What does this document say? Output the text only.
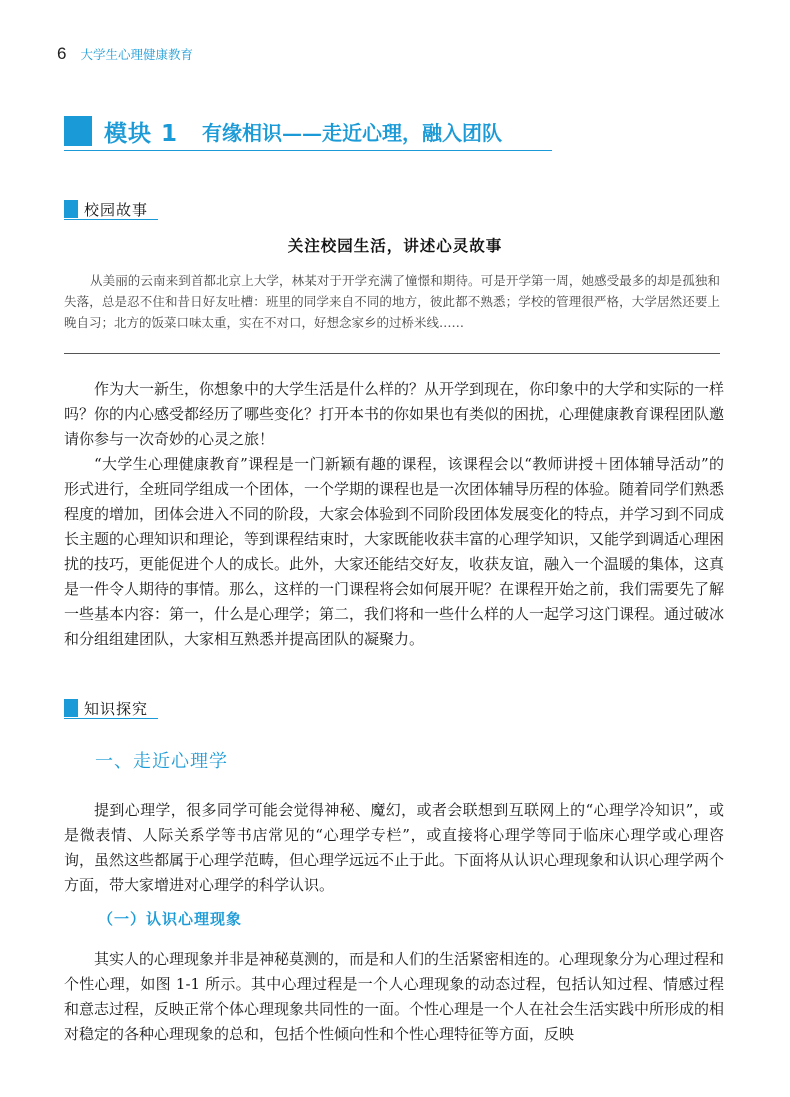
6 大学生心理健康教育
模块 1 有缘相识——走近心理，融入团队
校园故事
关注校园生活，讲述心灵故事

从美丽的云南来到首都北京上大学，林某对于开学充满了憧憬和期待。可是开学第一周，她感受最多的却是孤独和失落，总是忍不住和昔日好友吐槽：班里的同学来自不同的地方，彼此都不熟悉；学校的管理很严格，大学居然还要上晚自习；北方的饭菜口味太重，实在不对口，好想念家乡的过桥米线……

作为大一新生，你想象中的大学生活是什么样的？从开学到现在，你印象中的大学和实际的一样吗？你的内心感受都经历了哪些变化？打开本书的你如果也有类似的困扰，心理健康教育课程团队邀请你参与一次奇妙的心灵之旅！

“大学生心理健康教育”课程是一门新颖有趣的课程，该课程会以“教师讲授＋团体辅导活动”的形式进行，全班同学组成一个团体，一个学期的课程也是一次团体辅导历程的体验。随着同学们熟悉程度的增加，团体会进入不同的阶段，大家会体验到不同阶段团体发展变化的特点，并学习到不同成长主题的心理知识和理论，等到课程结束时，大家既能收获丰富的心理学知识，又能学到调适心理困扰的技巧，更能促进个人的成长。此外，大家还能结交好友，收获友谊，融入一个温暖的集体，这真是一件令人期待的事情。那么，这样的一门课程将会如何展开呢？在课程开始之前，我们需要先了解一些基本内容：第一，什么是心理学；第二，我们将和一些什么样的人一起学习这门课程。通过破冰和分组组建团队，大家相互熟悉并提高团队的凝聚力。

知识探究
一、走近心理学

提到心理学，很多同学可能会觉得神秘、魔幻，或者会联想到互联网上的“心理学冷知识”，或是微表情、人际关系学等书店常见的“心理学专栏”，或直接将心理学等同于临床心理学或心理咨询，虽然这些都属于心理学范畴，但心理学远远不止于此。下面将从认识心理现象和认识心理学两个方面，带大家增进对心理学的科学认识。

（一）认识心理现象

其实人的心理现象并非是神秘莫测的，而是和人们的生活紧密相连的。心理现象分为心理过程和个性心理，如图 1-1 所示。其中心理过程是一个人心理现象的动态过程，包括认知过程、情感过程和意志过程，反映正常个体心理现象共同性的一面。个性心理是一个人在社会生活实践中所形成的相对稳定的各种心理现象的总和，包括个性倾向性和个性心理特征等方面，反映
